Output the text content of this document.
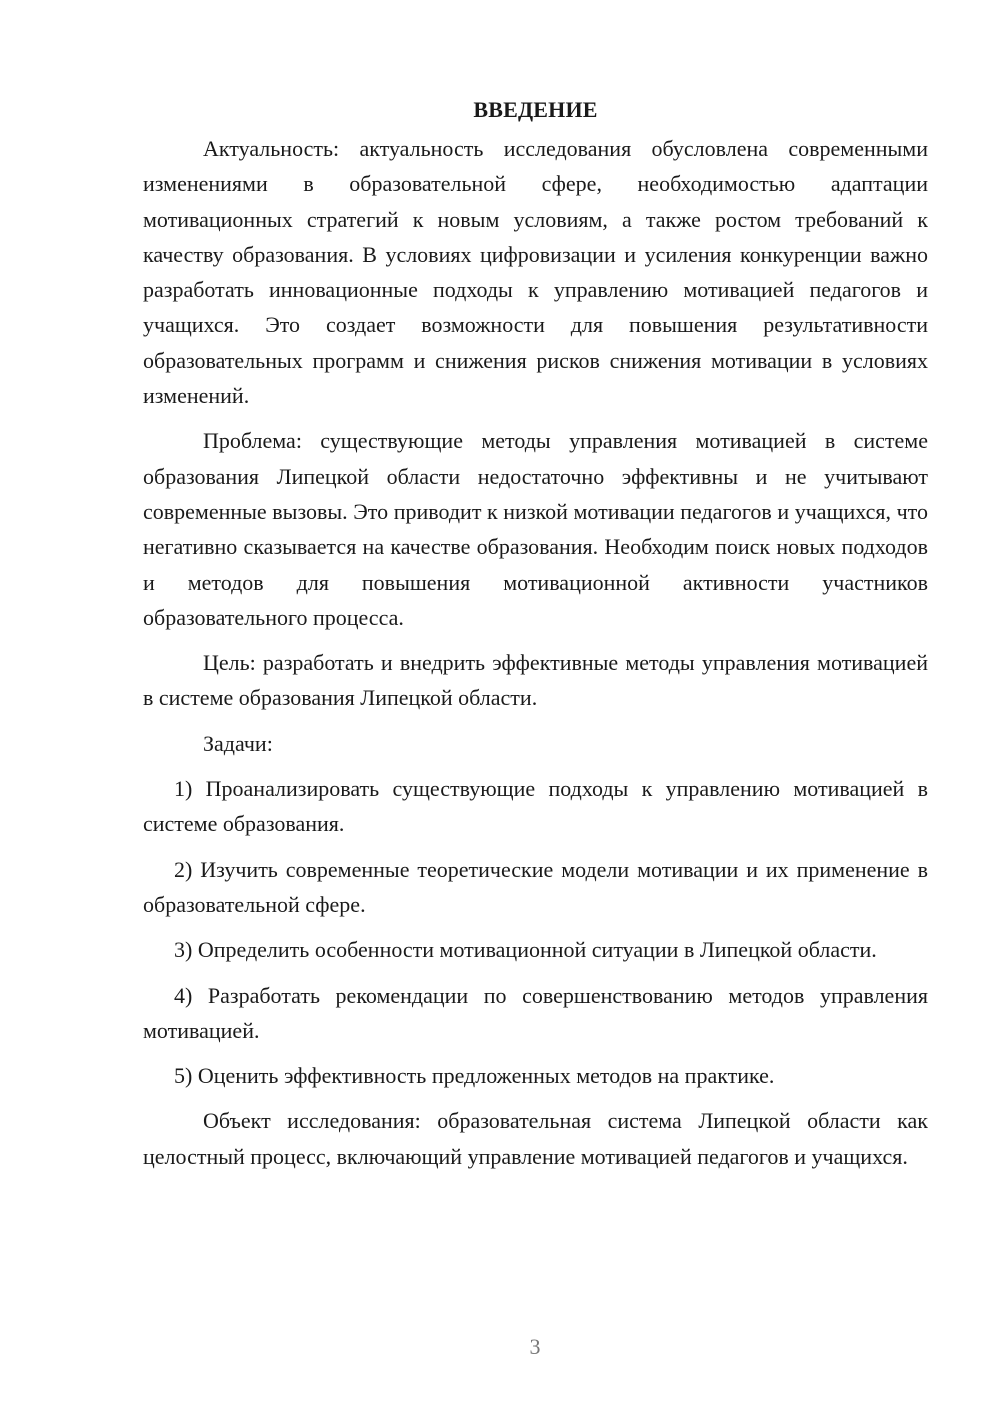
ВВЕДЕНИЕ

Актуальность: актуальность исследования обусловлена современными изменениями в образовательной сфере, необходимостью адаптации мотивационных стратегий к новым условиям, а также ростом требований к качеству образования. В условиях цифровизации и усиления конкуренции важно разработать инновационные подходы к управлению мотивацией педагогов и учащихся. Это создает возможности для повышения результативности образовательных программ и снижения рисков снижения мотивации в условиях изменений.

Проблема: существующие методы управления мотивацией в системе образования Липецкой области недостаточно эффективны и не учитывают современные вызовы. Это приводит к низкой мотивации педагогов и учащихся, что негативно сказывается на качестве образования. Необходим поиск новых подходов и методов для повышения мотивационной активности участников образовательного процесса.

Цель: разработать и внедрить эффективные методы управления мотивацией в системе образования Липецкой области.

Задачи:

1) Проанализировать существующие подходы к управлению мотивацией в системе образования.

2) Изучить современные теоретические модели мотивации и их применение в образовательной сфере.

3) Определить особенности мотивационной ситуации в Липецкой области.

4) Разработать рекомендации по совершенствованию методов управления мотивацией.

5) Оценить эффективность предложенных методов на практике.

Объект исследования: образовательная система Липецкой области как целостный процесс, включающий управление мотивацией педагогов и учащихся.

3
